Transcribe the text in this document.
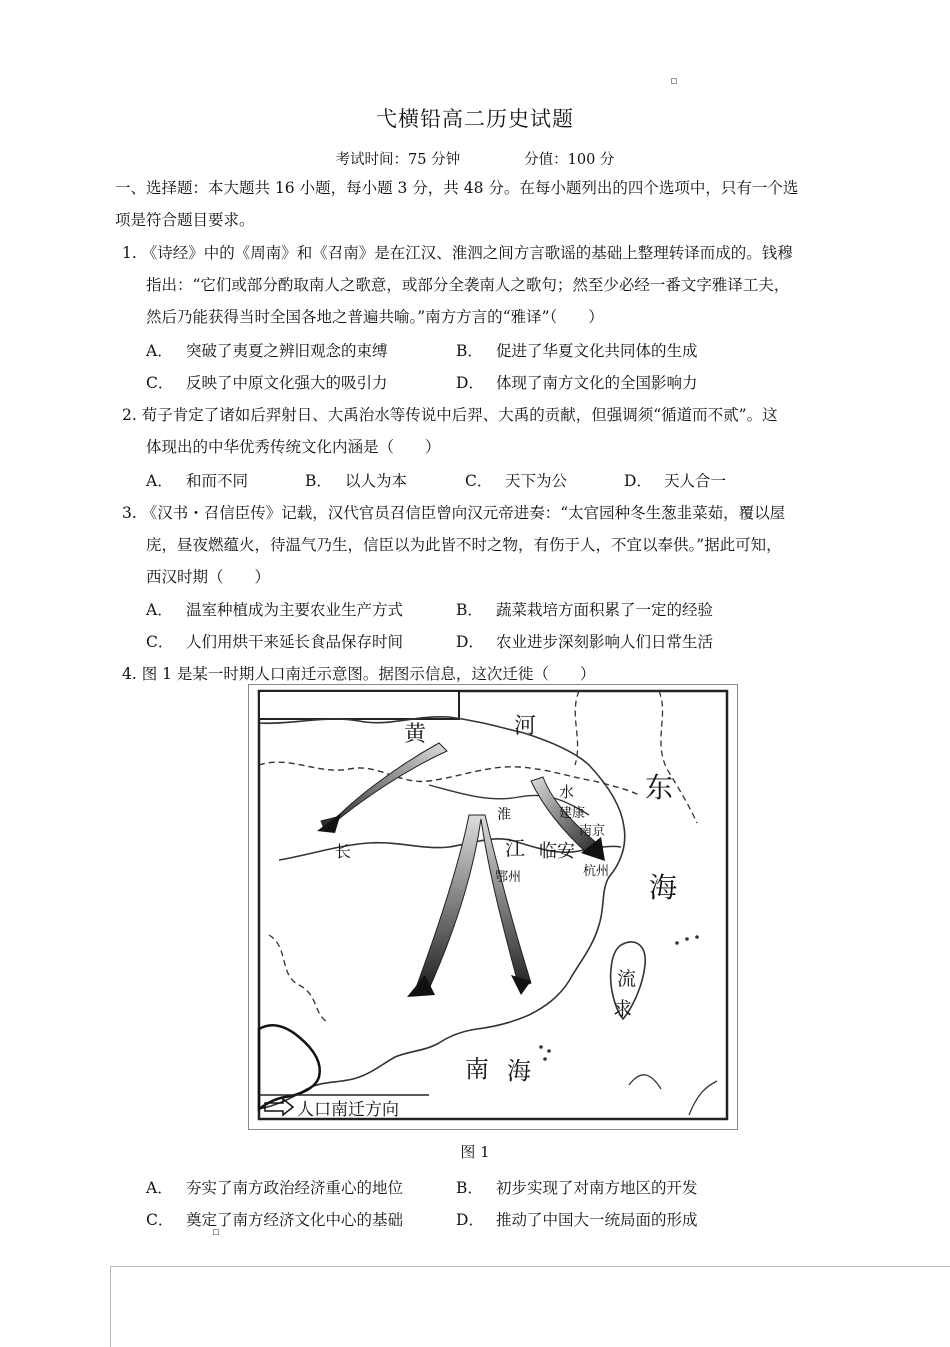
弋横铅高二历史试题
考试时间：75 分钟	分值：100 分
一、选择题：本大题共 16 小题，每小题 3 分，共 48 分。在每小题列出的四个选项中，只有一个选
项是符合题目要求。
1. 《诗经》中的《周南》和《召南》是在江汉、淮泗之间方言歌谣的基础上整理转译而成的。钱穆
指出：“它们或部分酌取南人之歌意，或部分全袭南人之歌句；然至少必经一番文字雅译工夫，
然后乃能获得当时全国各地之普遍共喻。”南方方言的“雅译”（　　）
A． 突破了夷夏之辨旧观念的束缚	B． 促进了华夏文化共同体的生成
C． 反映了中原文化强大的吸引力	D． 体现了南方文化的全国影响力
2. 荀子肯定了诸如后羿射日、大禹治水等传说中后羿、大禹的贡献，但强调须“循道而不贰”。这
体现出的中华优秀传统文化内涵是（　　）
A． 和而不同	B． 以人为本	C． 天下为公	D． 天人合一
3. 《汉书・召信臣传》记载，汉代官员召信臣曾向汉元帝进奏：“太官园种冬生葱韭菜茹，覆以屋
庑，昼夜燃蕴火，待温气乃生，信臣以为此皆不时之物，有伤于人，不宜以奉供。”据此可知，
西汉时期（　　）
A． 温室种植成为主要农业生产方式	B． 蔬菜栽培方面积累了一定的经验
C． 人们用烘干来延长食品保存时间	D． 农业进步深刻影响人们日常生活
4. 图 1 是某一时期人口南迁示意图。据图示信息，这次迁徙（　　）
黄	河
东
海
水
淮	建康
南京
长	江 临安
杭州
鄂州
流
求
南 海
人口南迁方向
图 1
A． 夯实了南方政治经济重心的地位	B． 初步实现了对南方地区的开发
C． 奠定了南方经济文化中心的基础	D． 推动了中国大一统局面的形成
